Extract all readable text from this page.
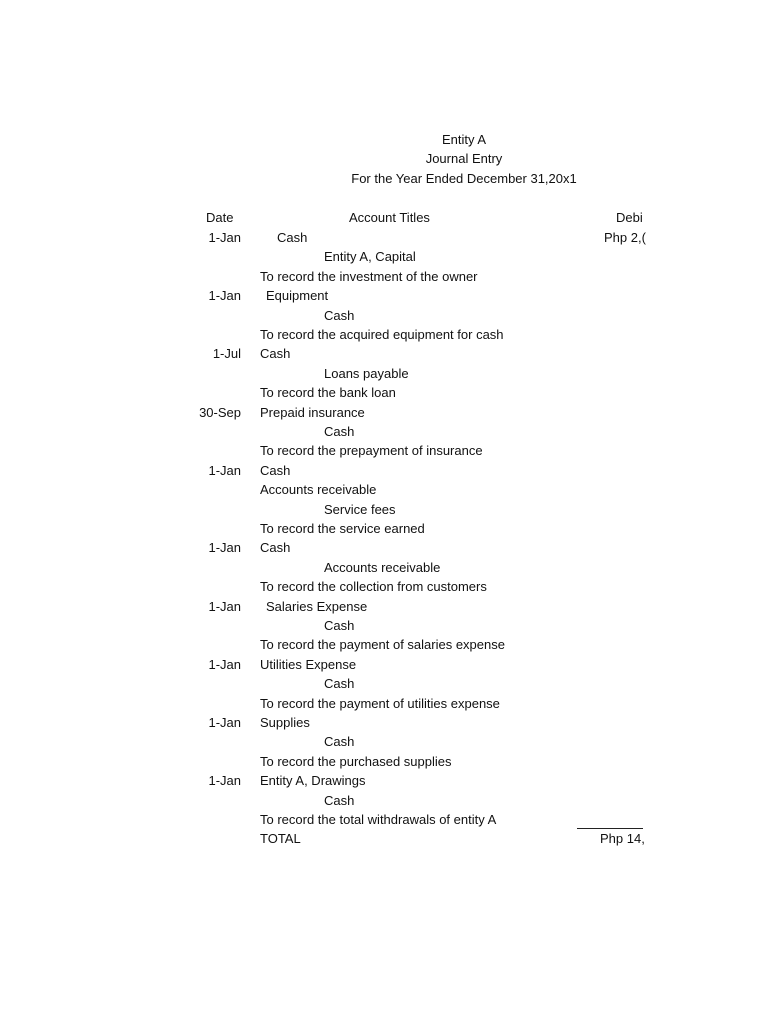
Entity A
Journal Entry
For the Year Ended December 31,20x1
Date	Account Titles	Debi
1-Jan	Cash	Php 2,(
Entity A, Capital
To record the investment of the owner
1-Jan Equipment
Cash
To record the acquired equipment for cash
1-Jul Cash
Loans payable
To record the bank loan
30-Sep Prepaid insurance
Cash
To record the prepayment of insurance
1-Jan Cash
Accounts receivable
Service fees
To record the service earned
1-Jan Cash
Accounts receivable
To record the collection from customers
1-Jan Salaries Expense
Cash
To record the payment of salaries expense
1-Jan Utilities Expense
Cash
To record the payment of utilities expense
1-Jan Supplies
Cash
To record the purchased supplies
1-Jan Entity A, Drawings
Cash
To record the total withdrawals of entity A
TOTAL	Php 14,
